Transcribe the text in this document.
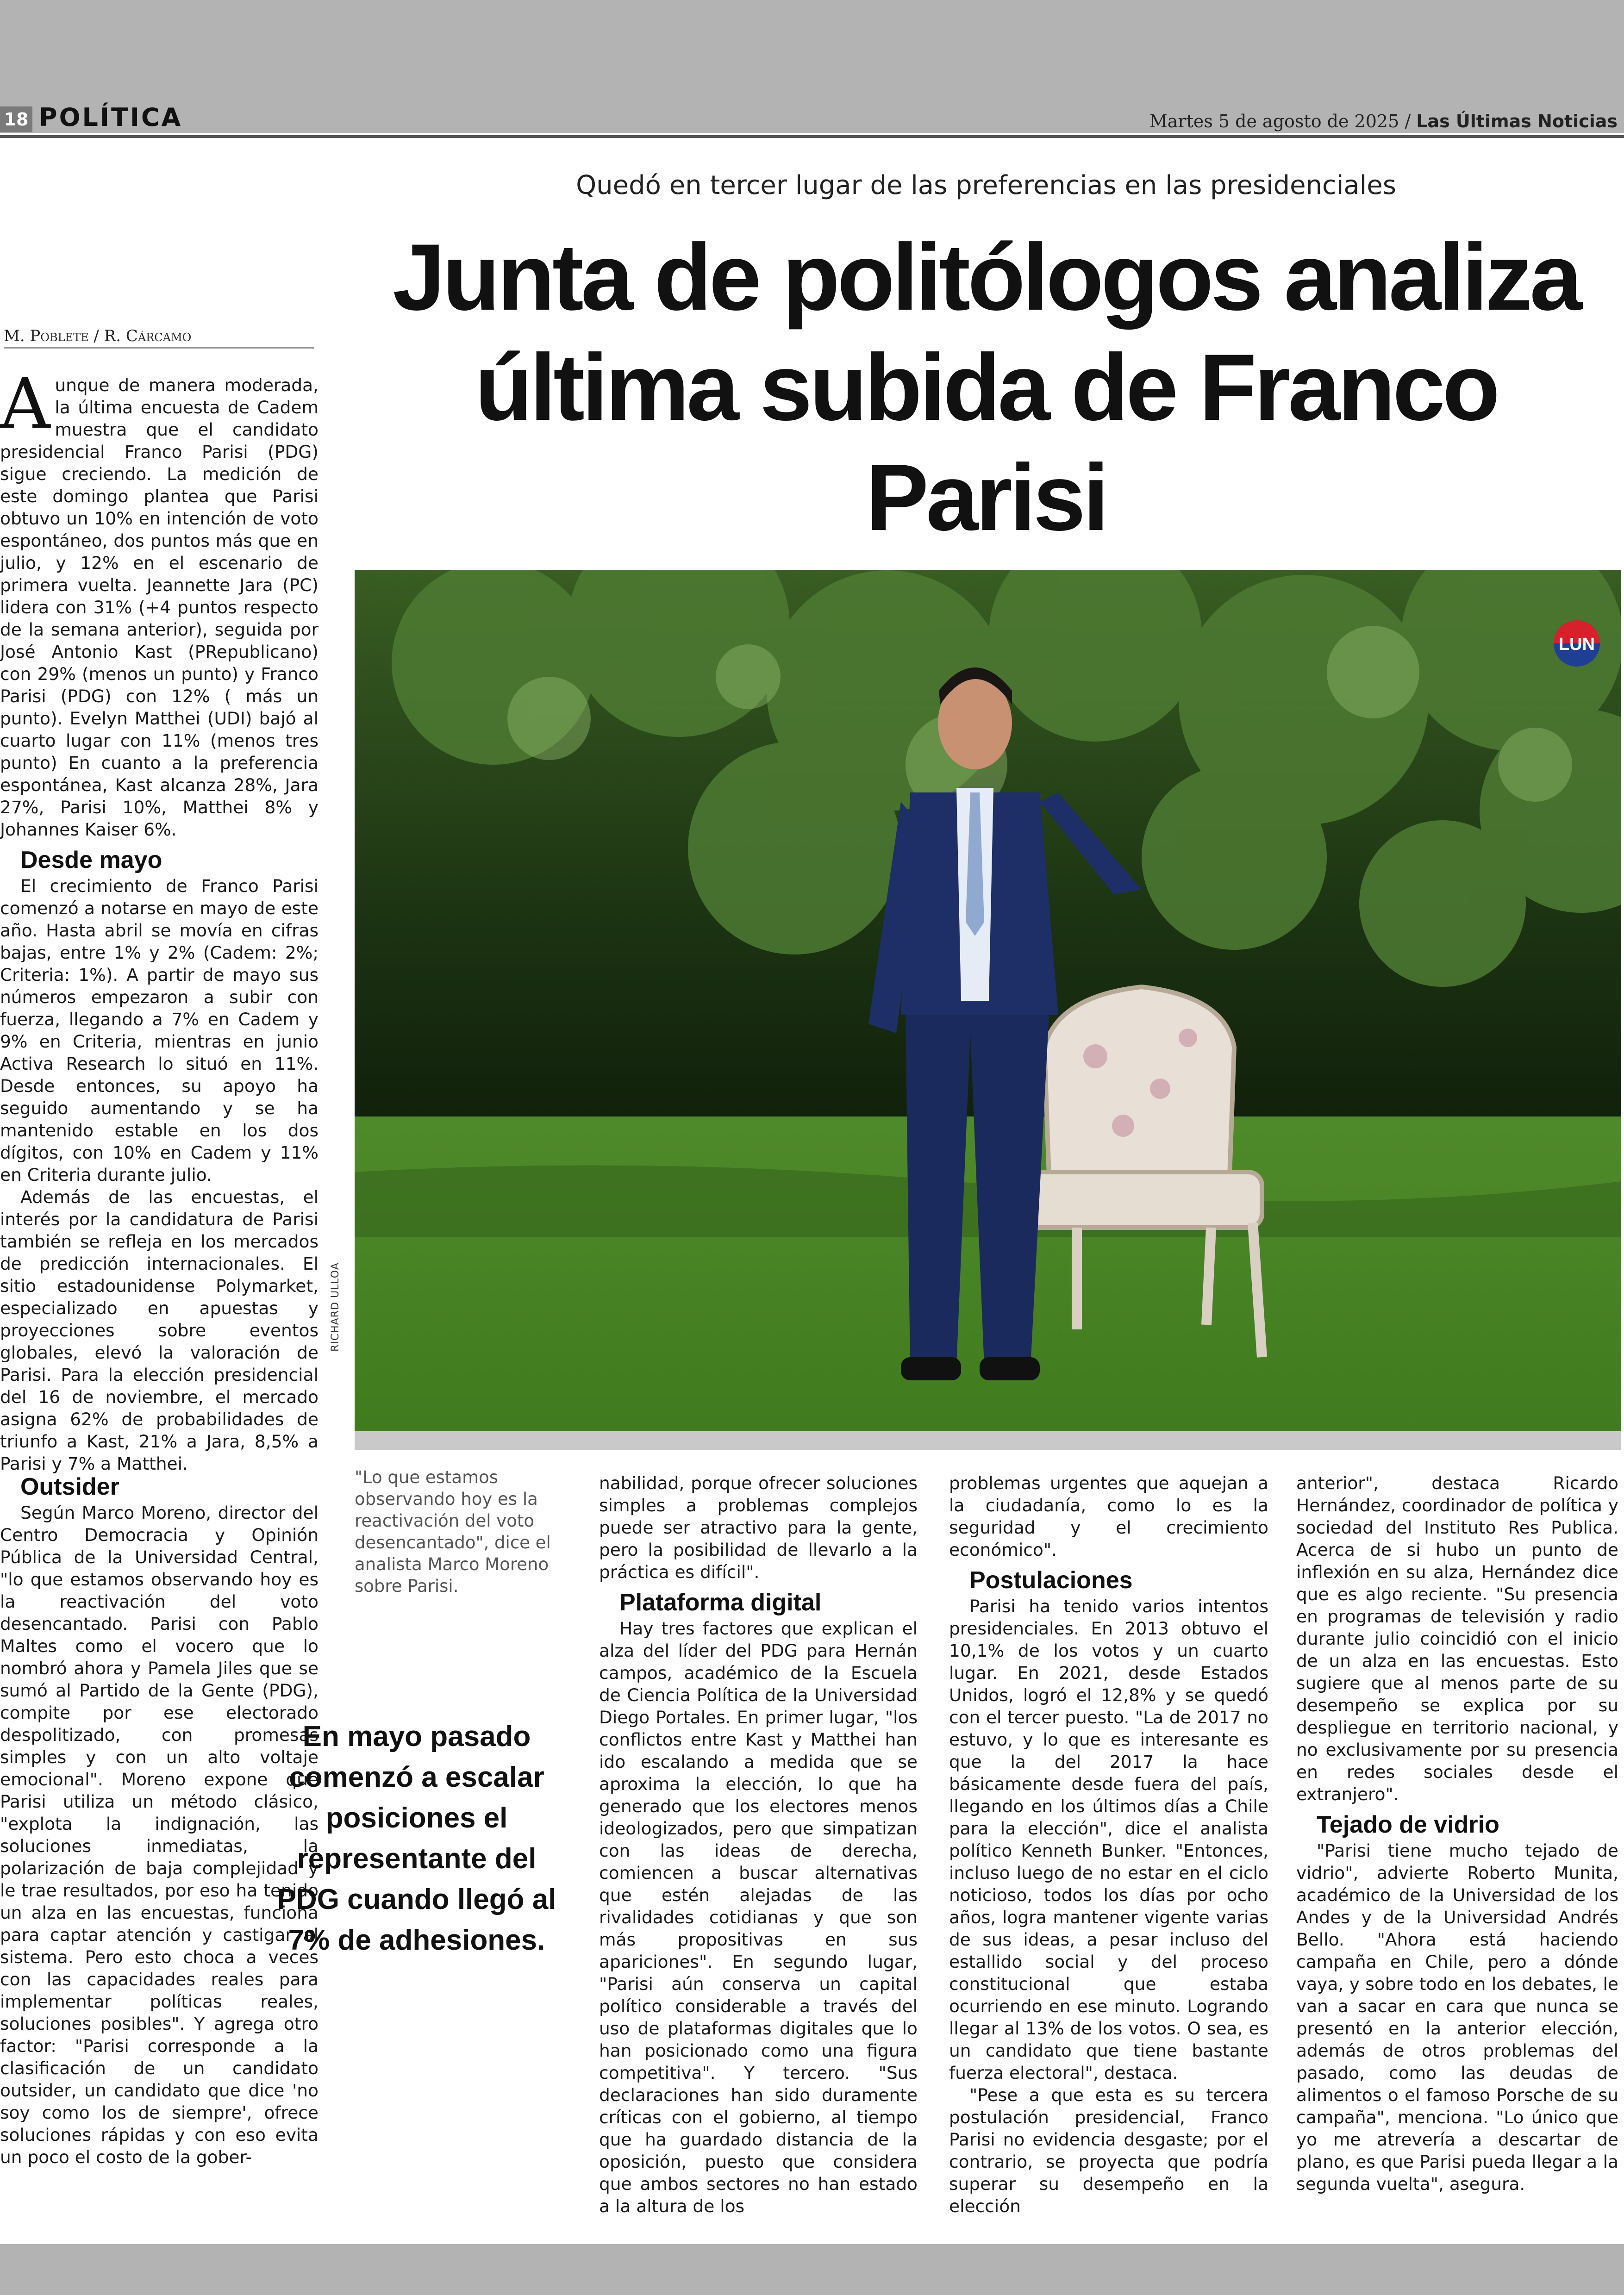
18 POLÍTICA	Martes 5 de agosto de 2025 / Las Últimas Noticias
Quedó en tercer lugar de las preferencias en las presidenciales
Junta de politólogos analiza
última subida de Franco Parisi

M. Poblete / R. Cárcamo

Aunque de manera moderada, la última encuesta de Cadem muestra que el candidato presidencial Franco Parisi (PDG) sigue creciendo. La medición de este domingo plantea que Parisi obtuvo un 10% en intención de voto espontáneo, dos puntos más que en julio, y 12% en el escenario de primera vuelta. Jeannette Jara (PC) lidera con 31% (+4 puntos respecto de la semana anterior), seguida por José Antonio Kast (PRepublicano) con 29% (menos un punto) y Franco Parisi (PDG) con 12% ( más un punto). Evelyn Matthei (UDI) bajó al cuarto lugar con 11% (menos tres punto) En cuanto a la preferencia espontánea, Kast alcanza 28%, Jara 27%, Parisi 10%, Matthei 8% y Johannes Kaiser 6%.

Desde mayo

El crecimiento de Franco Parisi comenzó a notarse en mayo de este año. Hasta abril se movía en cifras bajas, entre 1% y 2% (Cadem: 2%; Criteria: 1%). A partir de mayo sus números empezaron a subir con fuerza, llegando a 7% en Cadem y 9% en Criteria, mientras en junio Activa Research lo situó en 11%. Desde entonces, su apoyo ha seguido aumentando y se ha mantenido estable en los dos dígitos, con 10% en Cadem y 11% en Criteria durante julio.

Además de las encuestas, el interés por la candidatura de Parisi también se refleja en los mercados de predicción internacionales. El sitio estadounidense Polymarket, especializado en apuestas y proyecciones sobre eventos globales, elevó la valoración de Parisi. Para la elección presidencial del 16 de noviembre, el mercado asigna 62% de probabilidades de triunfo a Kast, 21% a Jara, 8,5% a Parisi y 7% a Matthei.

Outsider

Según Marco Moreno, director del Centro Democracia y Opinión Pública de la Universidad Central, "lo que estamos observando hoy es la reactivación del voto desencantado. Parisi con Pablo Maltes como el vocero que lo nombró ahora y Pamela Jiles que se sumó al Partido de la Gente (PDG), compite por ese electorado despolitizado, con promesas simples y con un alto voltaje emocional". Moreno expone que Parisi utiliza un método clásico, "explota la indignación, las soluciones inmediatas, la polarización de baja complejidad y le trae resultados, por eso ha tenido un alza en las encuestas, funciona para captar atención y castigar al sistema. Pero esto choca a veces con las capacidades reales para implementar políticas reales, soluciones posibles". Y agrega otro factor: "Parisi corresponde a la clasificación de un candidato outsider, un candidato que dice 'no soy como los de siempre', ofrece soluciones rápidas y con eso evita un poco el costo de la gober-

RICHARD ULLOA
LUN
"Lo que estamos observando hoy es la reactivación del voto desencantado", dice el analista Marco Moreno sobre Parisi.
En mayo pasado comenzó a escalar posiciones el representante del PDG cuando llegó al 7% de adhesiones.

nabilidad, porque ofrecer soluciones simples a problemas complejos puede ser atractivo para la gente, pero la posibilidad de llevarlo a la práctica es difícil".

Plataforma digital

Hay tres factores que explican el alza del líder del PDG para Hernán campos, académico de la Escuela de Ciencia Política de la Universidad Diego Portales. En primer lugar, "los conflictos entre Kast y Matthei han ido escalando a medida que se aproxima la elección, lo que ha generado que los electores menos ideologizados, pero que simpatizan con las ideas de derecha, comiencen a buscar alternativas que estén alejadas de las rivalidades cotidianas y que son más propositivas en sus apariciones". En segundo lugar, "Parisi aún conserva un capital político considerable a través del uso de plataformas digitales que lo han posicionado como una figura competitiva". Y tercero. "Sus declaraciones han sido duramente críticas con el gobierno, al tiempo que ha guardado distancia de la oposición, puesto que considera que ambos sectores no han estado a la altura de los

problemas urgentes que aquejan a la ciudadanía, como lo es la seguridad y el crecimiento económico".

Postulaciones

Parisi ha tenido varios intentos presidenciales. En 2013 obtuvo el 10,1% de los votos y un cuarto lugar. En 2021, desde Estados Unidos, logró el 12,8% y se quedó con el tercer puesto. "La de 2017 no estuvo, y lo que es interesante es que la del 2017 la hace básicamente desde fuera del país, llegando en los últimos días a Chile para la elección", dice el analista político Kenneth Bunker. "Entonces, incluso luego de no estar en el ciclo noticioso, todos los días por ocho años, logra mantener vigente varias de sus ideas, a pesar incluso del estallido social y del proceso constitucional que estaba ocurriendo en ese minuto. Logrando llegar al 13% de los votos. O sea, es un candidato que tiene bastante fuerza electoral", destaca.

"Pese a que esta es su tercera postulación presidencial, Franco Parisi no evidencia desgaste; por el contrario, se proyecta que podría superar su desempeño en la elección

anterior", destaca Ricardo Hernández, coordinador de política y sociedad del Instituto Res Publica. Acerca de si hubo un punto de inflexión en su alza, Hernández dice que es algo reciente. "Su presencia en programas de televisión y radio durante julio coincidió con el inicio de un alza en las encuestas. Esto sugiere que al menos parte de su desempeño se explica por su despliegue en territorio nacional, y no exclusivamente por su presencia en redes sociales desde el extranjero".

Tejado de vidrio

"Parisi tiene mucho tejado de vidrio", advierte Roberto Munita, académico de la Universidad de los Andes y de la Universidad Andrés Bello. "Ahora está haciendo campaña en Chile, pero a dónde vaya, y sobre todo en los debates, le van a sacar en cara que nunca se presentó en la anterior elección, además de otros problemas del pasado, como las deudas de alimentos o el famoso Porsche de su campaña", menciona. "Lo único que yo me atrevería a descartar de plano, es que Parisi pueda llegar a la segunda vuelta", asegura.
